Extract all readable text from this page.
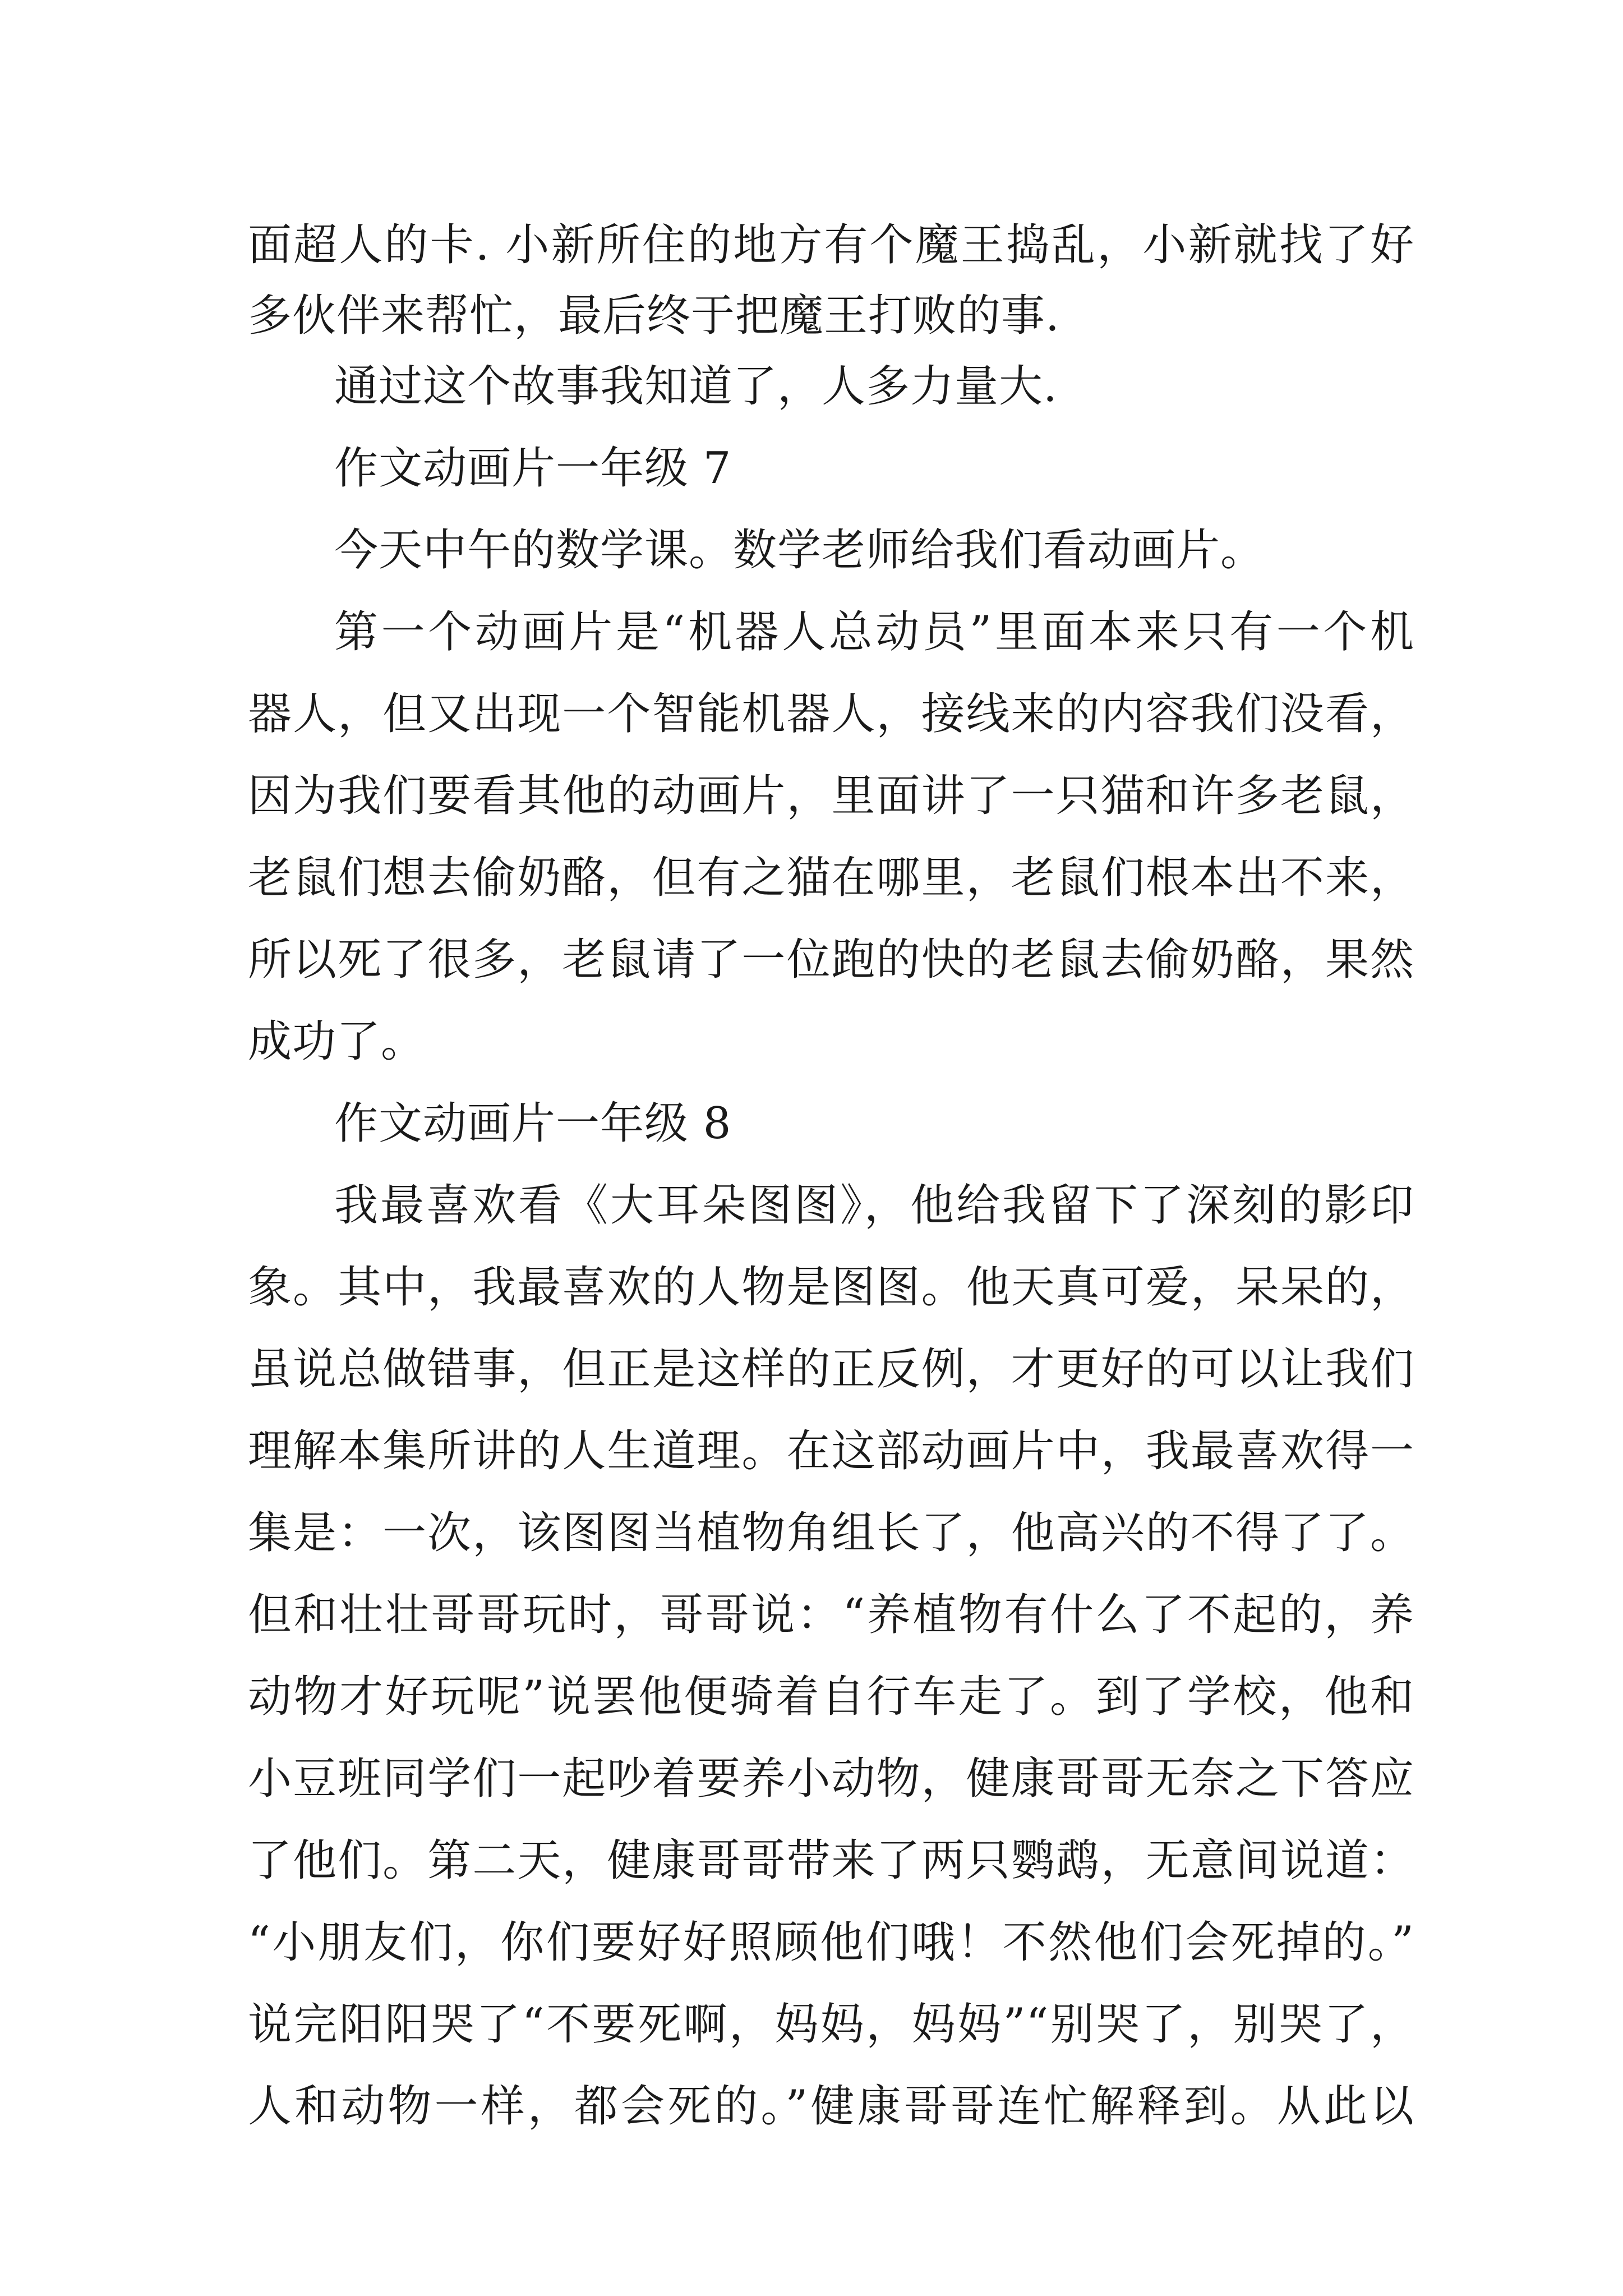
面超人的卡. 小新所住的地方有个魔王捣乱，小新就找了好
多伙伴来帮忙，最后终于把魔王打败的事.
通过这个故事我知道了，人多力量大.
作文动画片一年级 7
今天中午的数学课。数学老师给我们看动画片。
第一个动画片是“机器人总动员”里面本来只有一个机
器人，但又出现一个智能机器人，接线来的内容我们没看，
因为我们要看其他的动画片，里面讲了一只猫和许多老鼠，
老鼠们想去偷奶酪，但有之猫在哪里，老鼠们根本出不来，
所以死了很多，老鼠请了一位跑的快的老鼠去偷奶酪，果然
成功了。
作文动画片一年级 8
我最喜欢看《大耳朵图图》，他给我留下了深刻的影印
象。其中，我最喜欢的人物是图图。他天真可爱，呆呆的，
虽说总做错事，但正是这样的正反例，才更好的可以让我们
理解本集所讲的人生道理。在这部动画片中，我最喜欢得一
集是：一次，该图图当植物角组长了，他高兴的不得了了。
但和壮壮哥哥玩时，哥哥说：“养植物有什么了不起的，养
动物才好玩呢”说罢他便骑着自行车走了。到了学校，他和
小豆班同学们一起吵着要养小动物，健康哥哥无奈之下答应
了他们。第二天，健康哥哥带来了两只鹦鹉，无意间说道：
“小朋友们，你们要好好照顾他们哦！不然他们会死掉的。”
说完阳阳哭了“不要死啊，妈妈，妈妈”“别哭了，别哭了，
人和动物一样，都会死的。”健康哥哥连忙解释到。从此以
